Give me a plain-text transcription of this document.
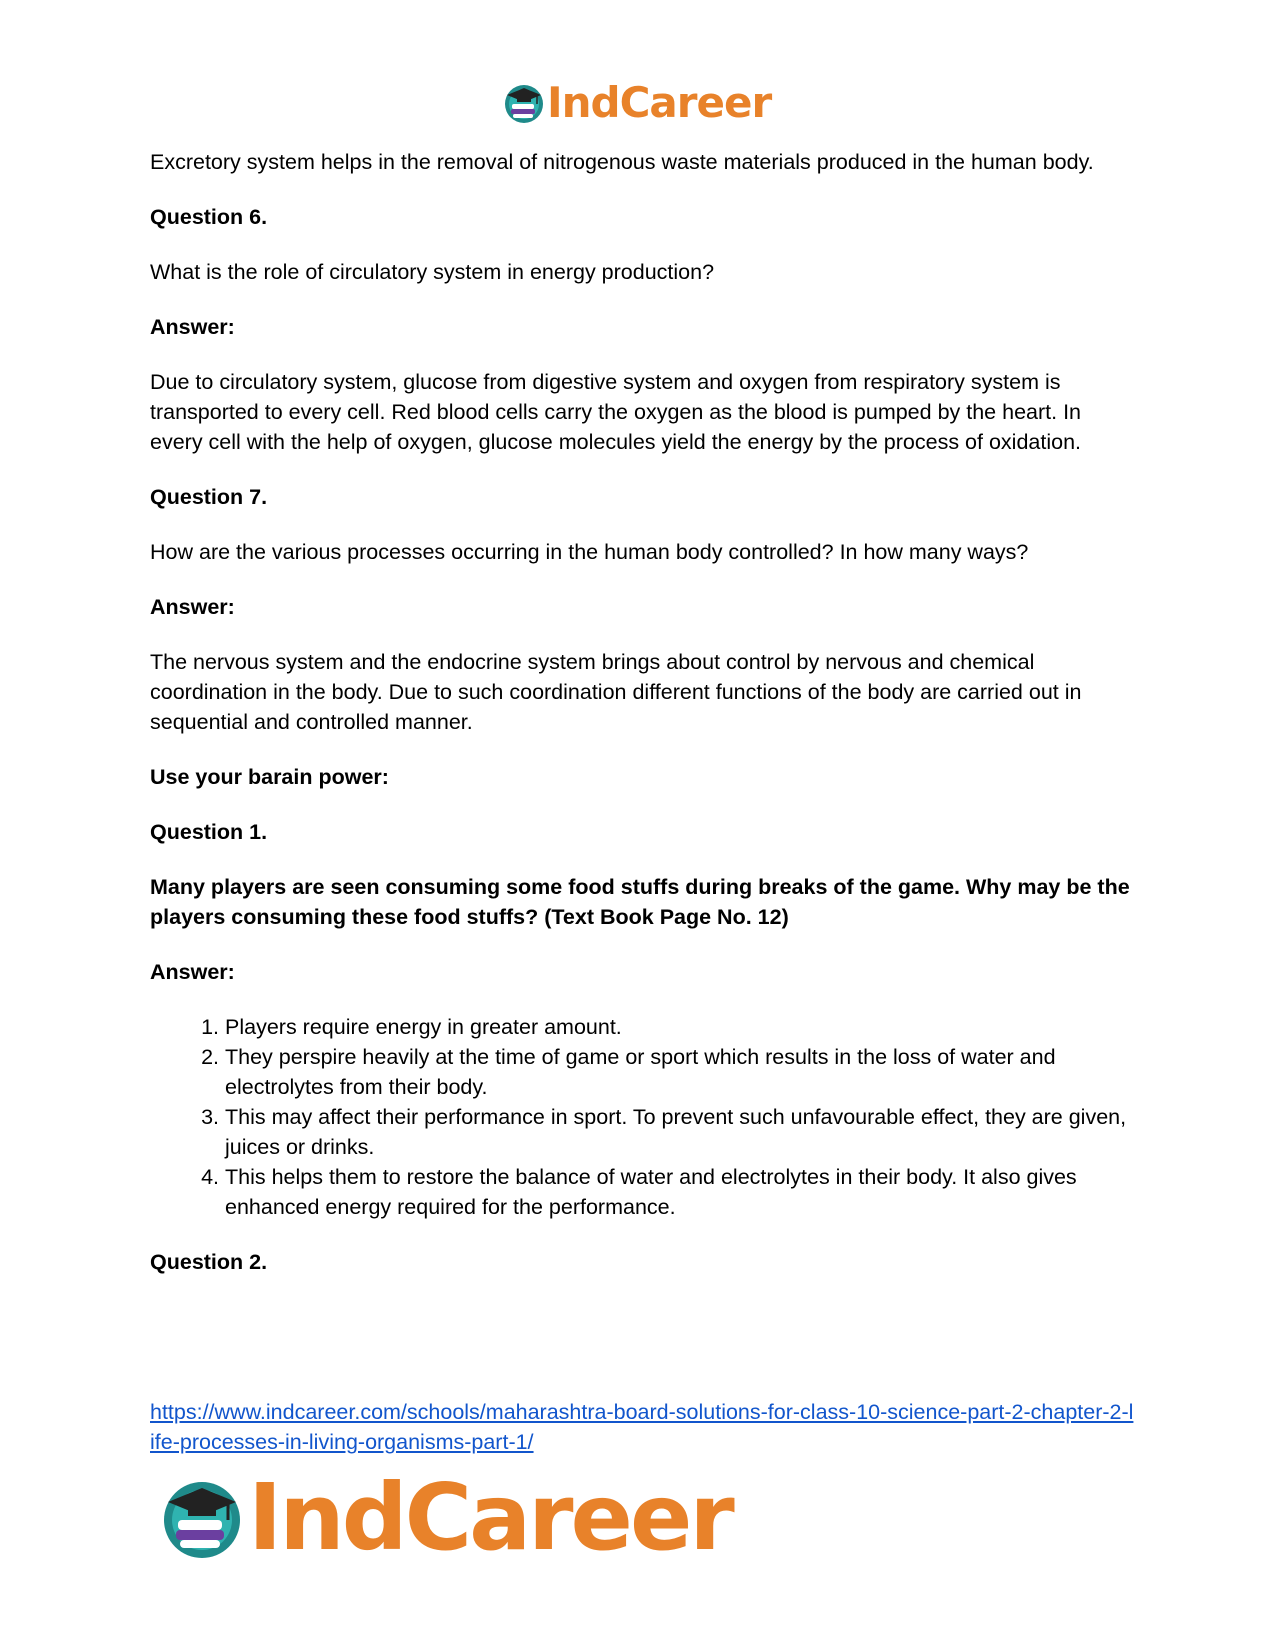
IndCareer

Excretory system helps in the removal of nitrogenous waste materials produced in the human body.

Question 6.

What is the role of circulatory system in energy production?

Answer:

Due to circulatory system, glucose from digestive system and oxygen from respiratory system is transported to every cell. Red blood cells carry the oxygen as the blood is pumped by the heart. In every cell with the help of oxygen, glucose molecules yield the energy by the process of oxidation.

Question 7.

How are the various processes occurring in the human body controlled? In how many ways?

Answer:

The nervous system and the endocrine system brings about control by nervous and chemical coordination in the body. Due to such coordination different functions of the body are carried out in sequential and controlled manner.

Use your barain power:

Question 1.

Many players are seen consuming some food stuffs during breaks of the game. Why may be the players consuming these food stuffs? (Text Book Page No. 12)

Answer:

1. Players require energy in greater amount.
2. They perspire heavily at the time of game or sport which results in the loss of water and electrolytes from their body.
3. This may affect their performance in sport. To prevent such unfavourable effect, they are given, juices or drinks.
4. This helps them to restore the balance of water and electrolytes in their body. It also gives enhanced energy required for the performance.

Question 2.

https://www.indcareer.com/schools/maharashtra-board-solutions-for-class-10-science-part-2-chapter-2-life-processes-in-living-organisms-part-1/
IndCareer
